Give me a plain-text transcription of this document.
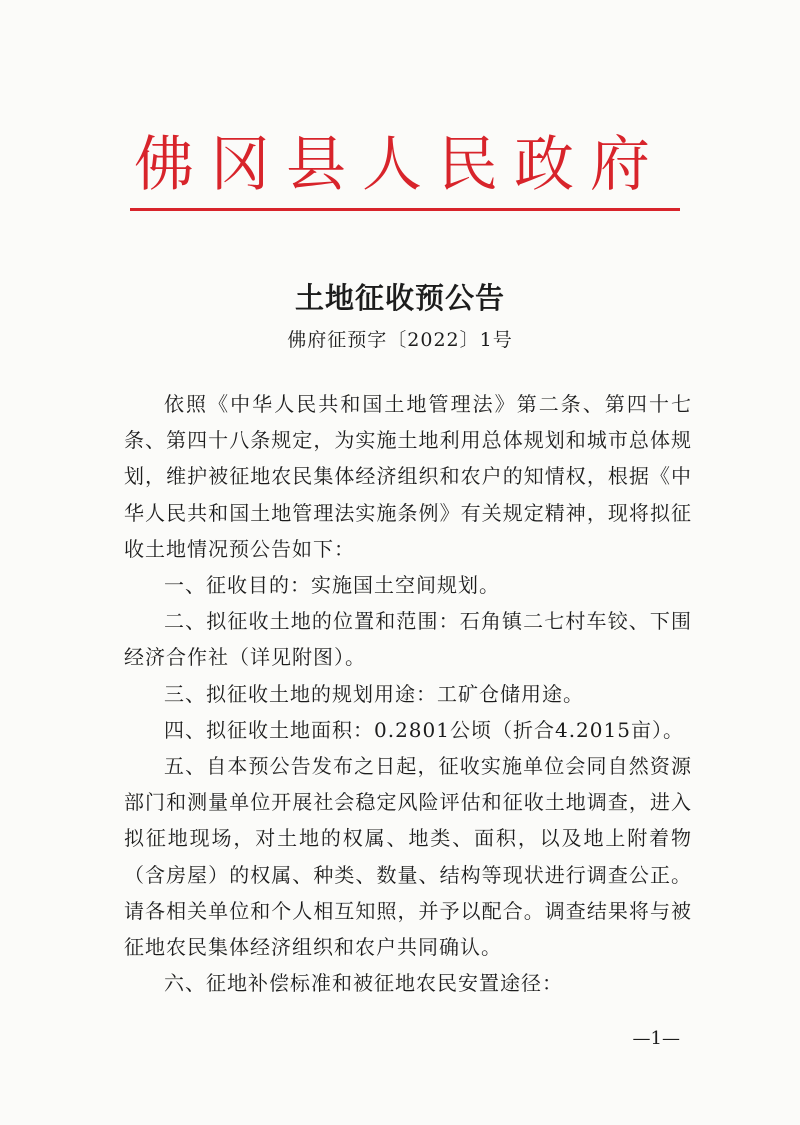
佛冈县人民政府
土地征收预公告
佛府征预字〔2022〕1号

依照《中华人民共和国土地管理法》第二条、第四十七条、第四十八条规定，为实施土地利用总体规划和城市总体规划，维护被征地农民集体经济组织和农户的知情权，根据《中华人民共和国土地管理法实施条例》有关规定精神，现将拟征收土地情况预公告如下：

一、征收目的：实施国土空间规划。

二、拟征收土地的位置和范围：石角镇二七村车铰、下围经济合作社（详见附图）。

三、拟征收土地的规划用途：工矿仓储用途。

四、拟征收土地面积：0.2801公顷（折合4.2015亩）。

五、自本预公告发布之日起，征收实施单位会同自然资源部门和测量单位开展社会稳定风险评估和征收土地调查，进入拟征地现场，对土地的权属、地类、面积，以及地上附着物（含房屋）的权属、种类、数量、结构等现状进行调查公正。请各相关单位和个人相互知照，并予以配合。调查结果将与被征地农民集体经济组织和农户共同确认。

六、征地补偿标准和被征地农民安置途径：

—1—
